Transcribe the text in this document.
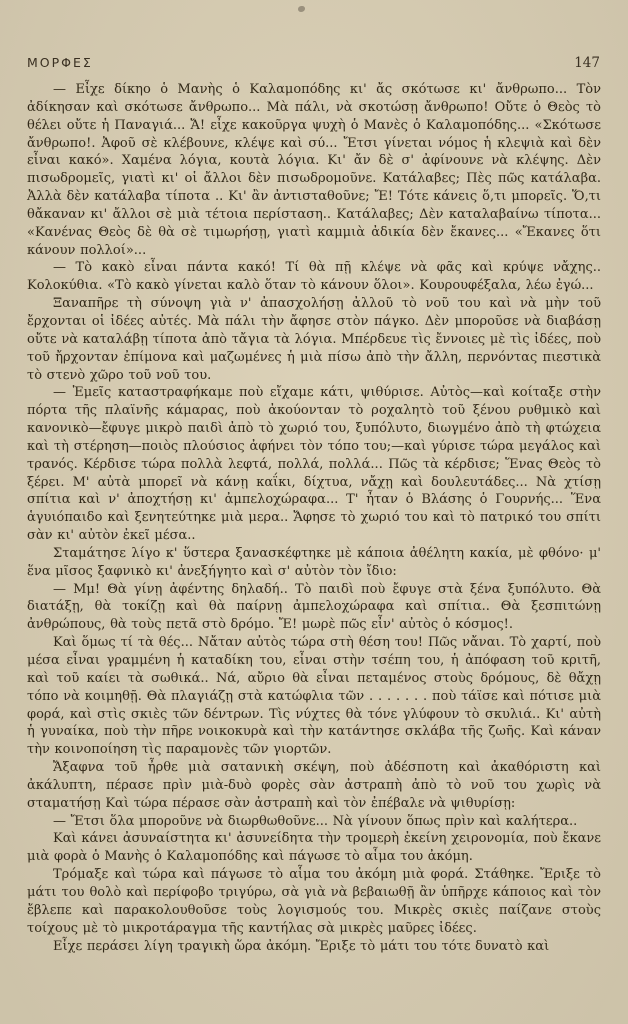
ΜΟΡΦΕΣ	147

— Εἶχε δίκηο ὁ Μανὴς ὁ Καλαμοπόδης κι' ἄς σκότωσε κι' ἄνθρωπο... Τὸν ἀδίκησαν καὶ σκότωσε ἄνθρωπο... Μὰ πάλι, νὰ σκοτώσῃ ἄνθρωπο! Οὔτε ὁ Θεὸς τὸ θέλει οὔτε ἡ Παναγιά... Ἄ! εἶχε κακοῦργα ψυχὴ ὁ Μανὲς ὁ Καλαμοπόδης... «Σκότωσε ἄνθρωπο!. Ἀφοῦ σὲ κλέβουνε, κλέψε καὶ σύ... Ἔτσι γίνεται νόμος ἡ κλεψιὰ καὶ δὲν εἶναι κακό». Χαμένα λόγια, κουτὰ λόγια. Κι' ἄν δὲ σ' ἀφίνουνε νὰ κλέψης. Δὲν πισωδρομεῖς, γιατὶ κι' οἱ ἄλλοι δὲν πισωδρομοῦνε. Κατάλαβες; Πὲς πῶς κατάλαβα. Ἀλλὰ δὲν κατάλαβα τίποτα .. Κι' ἂν ἀντισταθοῦνε; Ἔ! Τότε κάνεις ὅ,τι μπορεῖς. Ὅ,τι θἄκαναν κι' ἄλλοι σὲ μιὰ τέτοια περίσταση.. Κατάλαβες; Δὲν καταλαβαίνω τίποτα... «Κανένας Θεὸς δὲ θὰ σὲ τιμωρήσῃ, γιατὶ καμμιὰ ἀδικία δὲν ἔκανες... «Ἔκανες ὅτι κάνουν πολλοί»...

— Τὸ κακὸ εἶναι πάντα κακό! Τί θὰ πῇ κλέψε νὰ φᾶς καὶ κρύψε νἄχης.. Κολοκύθια. «Τὸ κακὸ γίνεται καλὸ ὅταν τὸ κάνουν ὅλοι». Κουρουφέξαλα, λέω ἐγώ...

Ξαναπῆρε τὴ σύνοψη γιὰ ν' ἀπασχολήσῃ ἀλλοῦ τὸ νοῦ του καὶ νὰ μὴν τοῦ ἔρχονται οἱ ἰδέες αὐτές. Μὰ πάλι τὴν ἄφησε στὸν πάγκο. Δὲν μποροῦσε νὰ διαβάσῃ οὔτε νὰ καταλάβῃ τίποτα ἀπὸ τἄγια τὰ λόγια. Μπέρδευε τὶς ἔννοιες μὲ τὶς ἰδέες, ποὺ τοῦ ἤρχονταν ἐπίμονα καὶ μαζωμένες ἡ μιὰ πίσω ἀπὸ τὴν ἄλλη, περνόντας πιεστικὰ τὸ στενὸ χῶρο τοῦ νοῦ του.

— Ἐμεῖς καταστραφήκαμε ποὺ εἴχαμε κάτι, ψιθύρισε. Αὐτὸς—καὶ κοίταξε στὴν πόρτα τῆς πλαϊνῆς κάμαρας, ποὺ ἀκούονταν τὸ ροχαλητὸ τοῦ ξένου ρυθμικὸ καὶ κανονικὸ—ἔφυγε μικρὸ παιδὶ ἀπὸ τὸ χωριό του, ξυπόλυτο, διωγμένο ἀπὸ τὴ φτώχεια καὶ τὴ στέρηση—ποιὸς πλούσιος ἀφήνει τὸν τόπο του;—καὶ γύρισε τώρα μεγάλος καὶ τρανός. Κέρδισε τώρα πολλὰ λεφτά, πολλά, πολλά... Πῶς τὰ κέρδισε; Ἕνας Θεὸς τὸ ξέρει. Μ' αὐτὰ μπορεῖ νὰ κάνῃ καΐκι, δίχτυα, νἄχῃ καὶ δουλευτάδες... Νὰ χτίσῃ σπίτια καὶ ν' ἀποχτήσῃ κι' ἀμπελοχώραφα... Τ' ἦταν ὁ Βλάσης ὁ Γουρνής... Ἕνα ἁγυιόπαιδο καὶ ξενητεύτηκε μιὰ μερα.. Ἄφησε τὸ χωριό του καὶ τὸ πατρικό του σπίτι σὰν κι' αὐτὸν ἐκεῖ μέσα..

Σταμάτησε λίγο κ' ὕστερα ξανασκέφτηκε μὲ κάποια ἀθέλητη κακία, μὲ φθόνο· μ' ἕνα μῖσος ξαφνικὸ κι' ἀνεξήγητο καὶ σ' αὐτὸν τὸν ἴδιο:

— Μμ! Θὰ γίνῃ ἀφέντης δηλαδή.. Τὸ παιδὶ ποὺ ἔφυγε στὰ ξένα ξυπόλυτο. Θὰ διατάξῃ, θὰ τοκίζῃ καὶ θὰ παίρνῃ ἀμπελοχώραφα καὶ σπίτια.. Θὰ ξεσπιτώνῃ ἀνθρώπους, θὰ τοὺς πετᾶ στὸ δρόμο. Ἔ! μωρὲ πῶς εἶν' αὐτὸς ὁ κόσμος!.

Καὶ ὅμως τί τὰ θές... Νἄταν αὐτὸς τώρα στὴ θέση του! Πῶς νἄναι. Τὸ χαρτί, ποὺ μέσα εἶναι γραμμένη ἡ καταδίκη του, εἶναι στὴν τσέπη του, ἡ ἀπόφαση τοῦ κριτῆ, καὶ τοῦ καίει τὰ σωθικά.. Νά, αὔριο θὰ εἶναι πεταμένος στοὺς δρόμους, δὲ θἄχῃ τόπο νὰ κοιμηθῇ. Θὰ πλαγιάζῃ στὰ κατώφλια τῶν . . . . . . . ποὺ τάϊσε καὶ πότισε μιὰ φορά, καὶ στὶς σκιὲς τῶν δέντρων. Τὶς νύχτες θὰ τόνε γλύφουν τὸ σκυλιά.. Κι' αὐτὴ ἡ γυναίκα, ποὺ τὴν πῆρε νοικοκυρὰ καὶ τὴν κατάντησε σκλάβα τῆς ζωῆς. Καὶ κάναν τὴν κοινοποίηση τὶς παραμονὲς τῶν γιορτῶν.

Ἄξαφνα τοῦ ἦρθε μιὰ σατανικὴ σκέψη, ποὺ ἀδέσποτη καὶ ἀκαθόριστη καὶ ἀκάλυπτη, πέρασε πρὶν μιὰ-δυὸ φορὲς σὰν ἀστραπὴ ἀπὸ τὸ νοῦ του χωρὶς νὰ σταματήσῃ Καὶ τώρα πέρασε σὰν ἀστραπὴ καὶ τὸν ἐπέβαλε νὰ ψιθυρίσῃ:

— Ἔτσι ὅλα μποροῦνε νὰ διωρθωθοῦνε... Νὰ γίνουν ὅπως πρὶν καὶ καλήτερα..

Καὶ κάνει ἀσυναίστητα κι' ἀσυνείδητα τὴν τρομερὴ ἐκείνη χειρονομία, ποὺ ἔκανε μιὰ φορὰ ὁ Μανὴς ὁ Καλαμοπόδης καὶ πάγωσε τὸ αἷμα του ἀκόμη.

Τρόμαξε καὶ τώρα καὶ πάγωσε τὸ αἷμα του ἀκόμη μιὰ φορά. Στάθηκε. Ἔριξε τὸ μάτι του θολὸ καὶ περίφοβο τριγύρω, σὰ γιὰ νὰ βεβαιωθῇ ἂν ὑπῆρχε κάποιος καὶ τὸν ἔβλεπε καὶ παρακολουθοῦσε τοὺς λογισμούς του. Μικρὲς σκιὲς παίζανε στοὺς τοίχους μὲ τὸ μικροτάραγμα τῆς καντήλας σὰ μικρὲς μαῦρες ἰδέες.

Εἶχε περάσει λίγη τραγικὴ ὥρα ἀκόμη. Ἔριξε τὸ μάτι του τότε δυνατὸ καὶ
